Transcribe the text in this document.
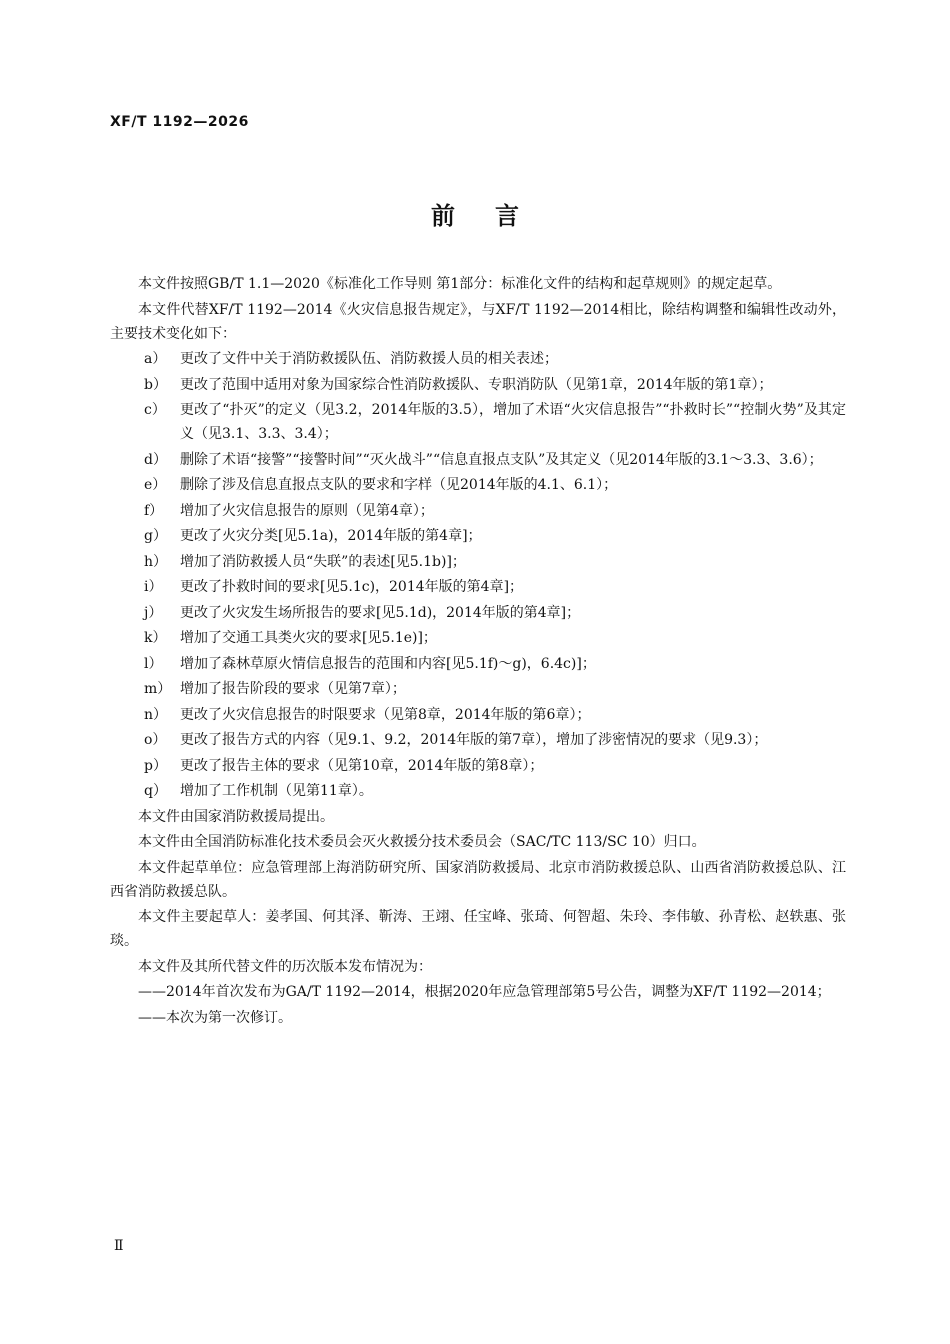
XF/T 1192—2026
前言

本文件按照GB/T 1.1—2020《标准化工作导则 第1部分：标准化文件的结构和起草规则》的规定起草。

本文件代替XF/T 1192—2014《火灾信息报告规定》，与XF/T 1192—2014相比，除结构调整和编辑性改动外，主要技术变化如下：

a） 更改了文件中关于消防救援队伍、消防救援人员的相关表述；
b） 更改了范围中适用对象为国家综合性消防救援队、专职消防队（见第1章，2014年版的第1章）；
c）	更改了“扑灭”的定义（见3.2，2014年版的3.5），增加了术语“火灾信息报告”“扑救时长”“控制火势”及其定义（见3.1、3.3、3.4）；
d） 删除了术语“接警”“接警时间”“灭火战斗”“信息直报点支队”及其定义（见2014年版的3.1～3.3、3.6）；
e） 删除了涉及信息直报点支队的要求和字样（见2014年版的4.1、6.1）；
f）	增加了火灾信息报告的原则（见第4章）；
g） 更改了火灾分类[见5.1a)，2014年版的第4章]；
h） 增加了消防救援人员“失联”的表述[见5.1b)]；
i）	更改了扑救时间的要求[见5.1c)，2014年版的第4章]；
j）	更改了火灾发生场所报告的要求[见5.1d)，2014年版的第4章]；
k） 增加了交通工具类火灾的要求[见5.1e)]；
l）	增加了森林草原火情信息报告的范围和内容[见5.1f)～g)，6.4c)]；
m） 增加了报告阶段的要求（见第7章）；
n） 更改了火灾信息报告的时限要求（见第8章，2014年版的第6章）；
o） 更改了报告方式的内容（见9.1、9.2，2014年版的第7章），增加了涉密情况的要求（见9.3）；
p） 更改了报告主体的要求（见第10章，2014年版的第8章）；
q） 增加了工作机制（见第11章）。

本文件由国家消防救援局提出。

本文件由全国消防标准化技术委员会灭火救援分技术委员会（SAC/TC 113/SC 10）归口。

本文件起草单位：应急管理部上海消防研究所、国家消防救援局、北京市消防救援总队、山西省消防救援总队、江西省消防救援总队。

本文件主要起草人：姜孝国、何其泽、靳涛、王翊、任宝峰、张琦、何智超、朱玲、李伟敏、孙青松、赵轶惠、张琰。

本文件及其所代替文件的历次版本发布情况为：

——2014年首次发布为GA/T 1192—2014，根据2020年应急管理部第5号公告，调整为XF/T 1192—2014；

——本次为第一次修订。

Ⅱ
